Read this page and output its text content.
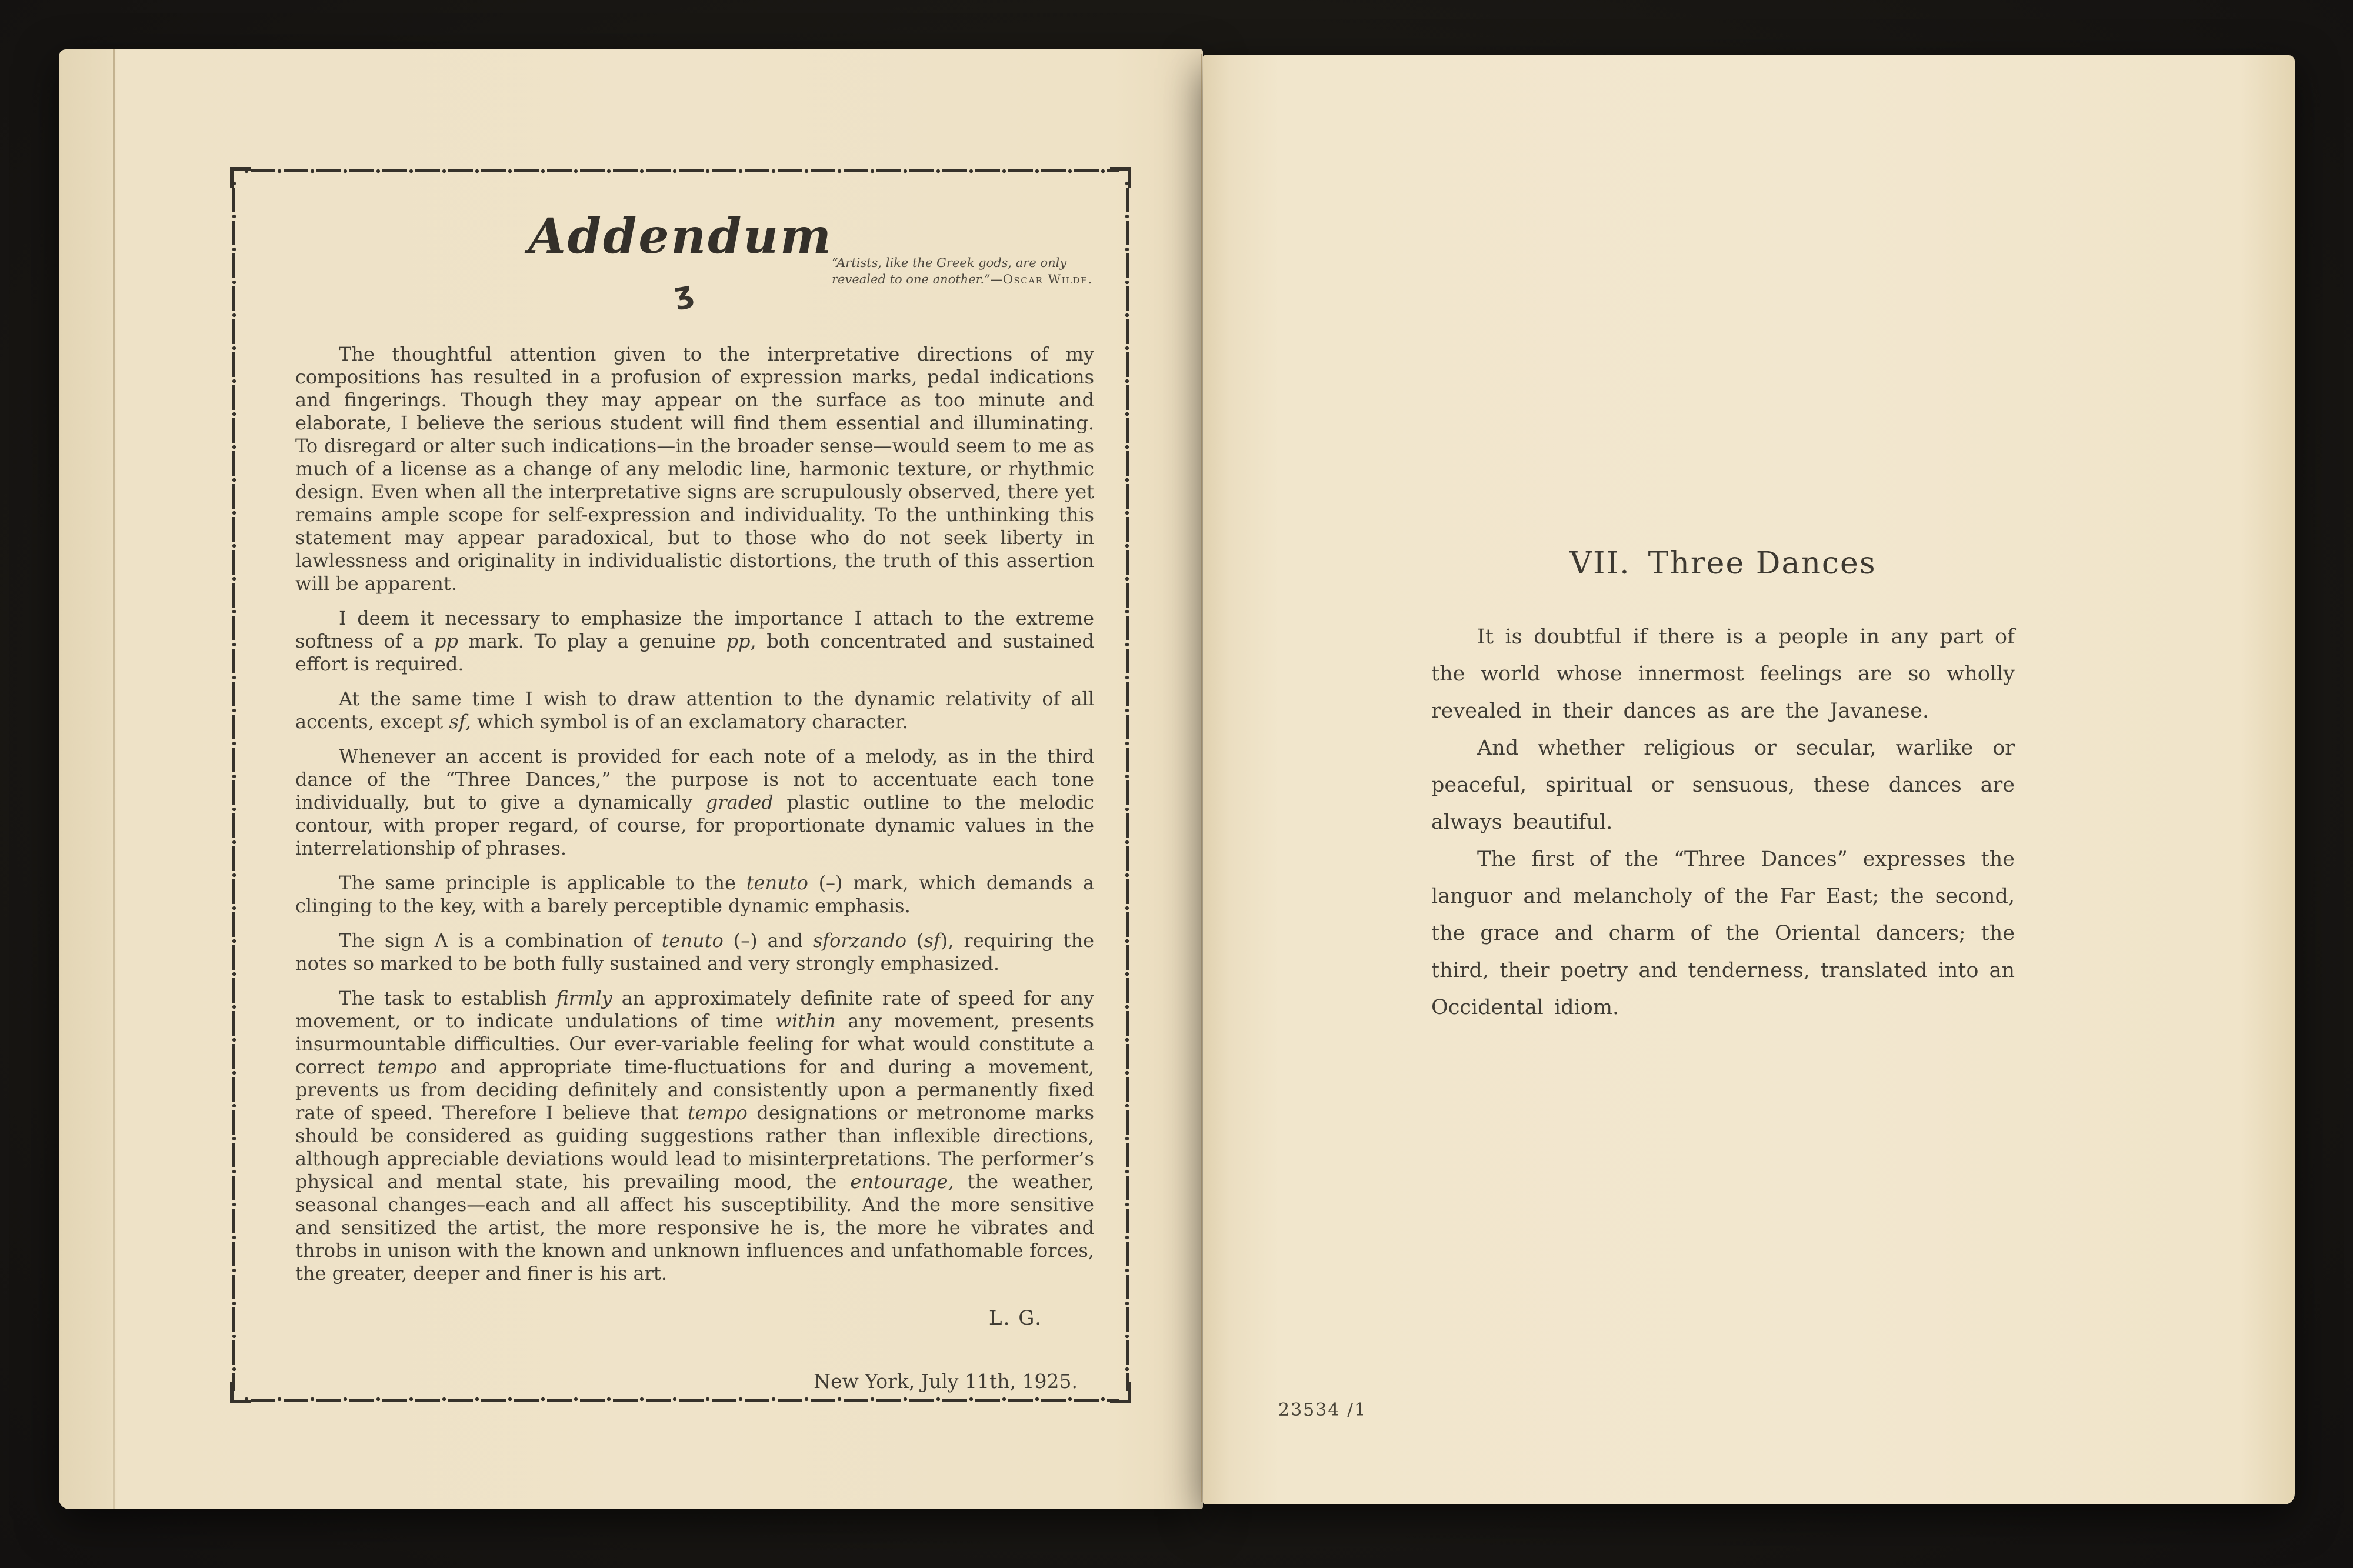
Addendum
“Artists, like the Greek gods, are only revealed to one another.”—Oscar Wilde.
ʒ

The thoughtful attention given to the interpretative directions of my compositions has resulted in a profusion of expression marks, pedal indications and fingerings. Though they may appear on the surface as too minute and elaborate, I believe the serious student will find them essential and illuminating. To disregard or alter such indications—in the broader sense—would seem to me as much of a license as a change of any melodic line, harmonic texture, or rhythmic design. Even when all the interpretative signs are scrupulously observed, there yet remains ample scope for self-expression and individuality. To the unthinking this statement may appear paradoxical, but to those who do not seek liberty in lawlessness and originality in individualistic distortions, the truth of this assertion will be apparent.

I deem it necessary to emphasize the importance I attach to the extreme softness of a pp mark. To play a genuine pp, both concentrated and sustained effort is required.

At the same time I wish to draw attention to the dynamic relativity of all accents, except sf, which symbol is of an exclamatory character.

Whenever an accent is provided for each note of a melody, as in the third dance of the “Three Dances,” the purpose is not to accentuate each tone individually, but to give a dynamically graded plastic outline to the melodic contour, with proper regard, of course, for proportionate dynamic values in the interrelationship of phrases.

The same principle is applicable to the tenuto (–) mark, which demands a clinging to the key, with a barely perceptible dynamic emphasis.

The sign Λ is a combination of tenuto (–) and sforzando (sf), requiring the notes so marked to be both fully sustained and very strongly emphasized.

The task to establish firmly an approximately definite rate of speed for any movement, or to indicate undulations of time within any movement, presents insurmountable difficulties. Our ever-variable feeling for what would constitute a correct tempo and appropriate time-fluctuations for and during a movement, prevents us from deciding definitely and consistently upon a permanently fixed rate of speed. Therefore I believe that tempo designations or metronome marks should be considered as guiding suggestions rather than inflexible directions, although appreciable deviations would lead to misinterpretations. The performer’s physical and mental state, his prevailing mood, the entourage, the weather, seasonal changes—each and all affect his susceptibility. And the more sensitive and sensitized the artist, the more responsive he is, the more he vibrates and throbs in unison with the known and unknown influences and unfathomable forces, the greater, deeper and finer is his art.

L. G.
New York, July 11th, 1925.
VII. Three Dances

It is doubtful if there is a people in any part of the world whose innermost feelings are so wholly revealed in their dances as are the Javanese.

And whether religious or secular, warlike or peaceful, spiritual or sensuous, these dances are always beautiful.

The first of the “Three Dances” expresses the languor and melancholy of the Far East; the second, the grace and charm of the Oriental dancers; the third, their poetry and tenderness, translated into an Occidental idiom.

23534 /1
